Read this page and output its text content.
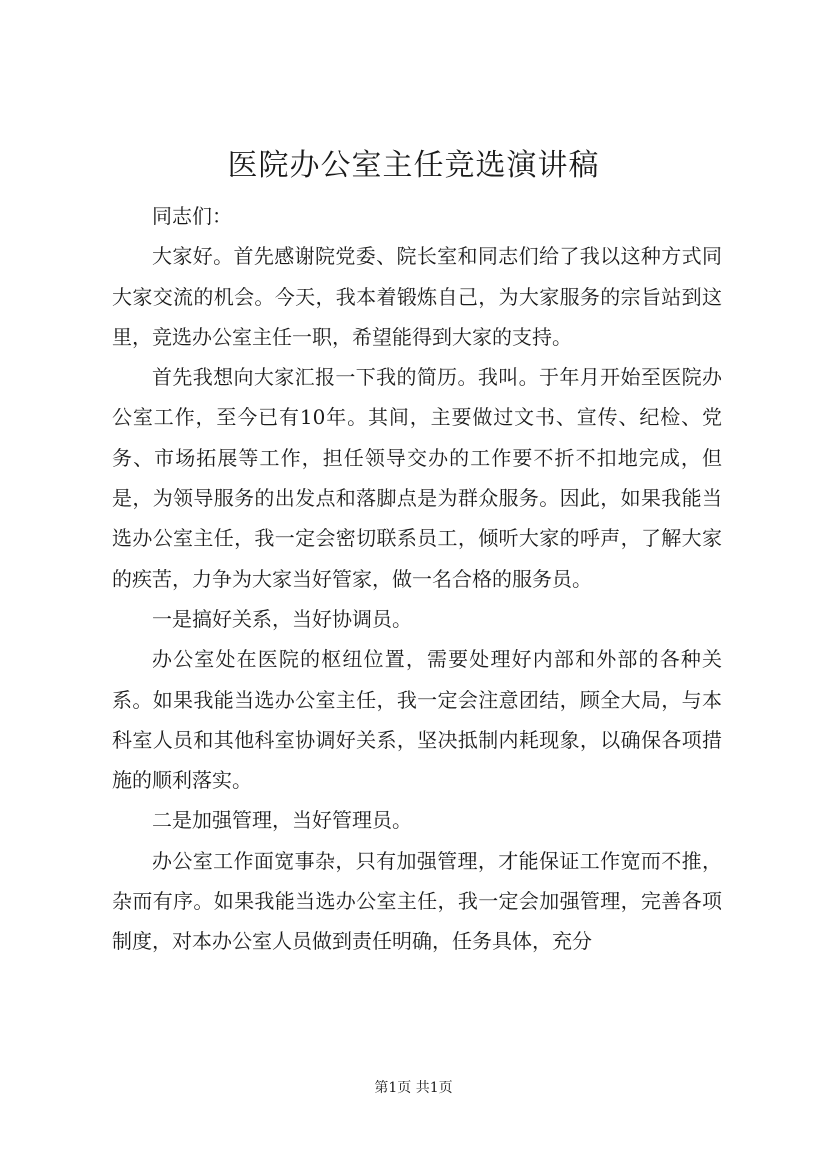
医院办公室主任竞选演讲稿

同志们：

大家好。首先感谢院党委、院长室和同志们给了我以这种方式同大家交流的机会。今天，我本着锻炼自己，为大家服务的宗旨站到这里，竞选办公室主任一职，希望能得到大家的支持。

首先我想向大家汇报一下我的简历。我叫。于年月开始至医院办公室工作，至今已有10年。其间，主要做过文书、宣传、纪检、党务、市场拓展等工作，担任领导交办的工作要不折不扣地完成，但是，为领导服务的出发点和落脚点是为群众服务。因此，如果我能当选办公室主任，我一定会密切联系员工，倾听大家的呼声，了解大家的疾苦，力争为大家当好管家，做一名合格的服务员。

一是搞好关系，当好协调员。

办公室处在医院的枢纽位置，需要处理好内部和外部的各种关系。如果我能当选办公室主任，我一定会注意团结，顾全大局，与本科室人员和其他科室协调好关系，坚决抵制内耗现象，以确保各项措施的顺利落实。

二是加强管理，当好管理员。

办公室工作面宽事杂，只有加强管理，才能保证工作宽而不推，杂而有序。如果我能当选办公室主任，我一定会加强管理，完善各项制度，对本办公室人员做到责任明确，任务具体，充分

第1页 共1页
